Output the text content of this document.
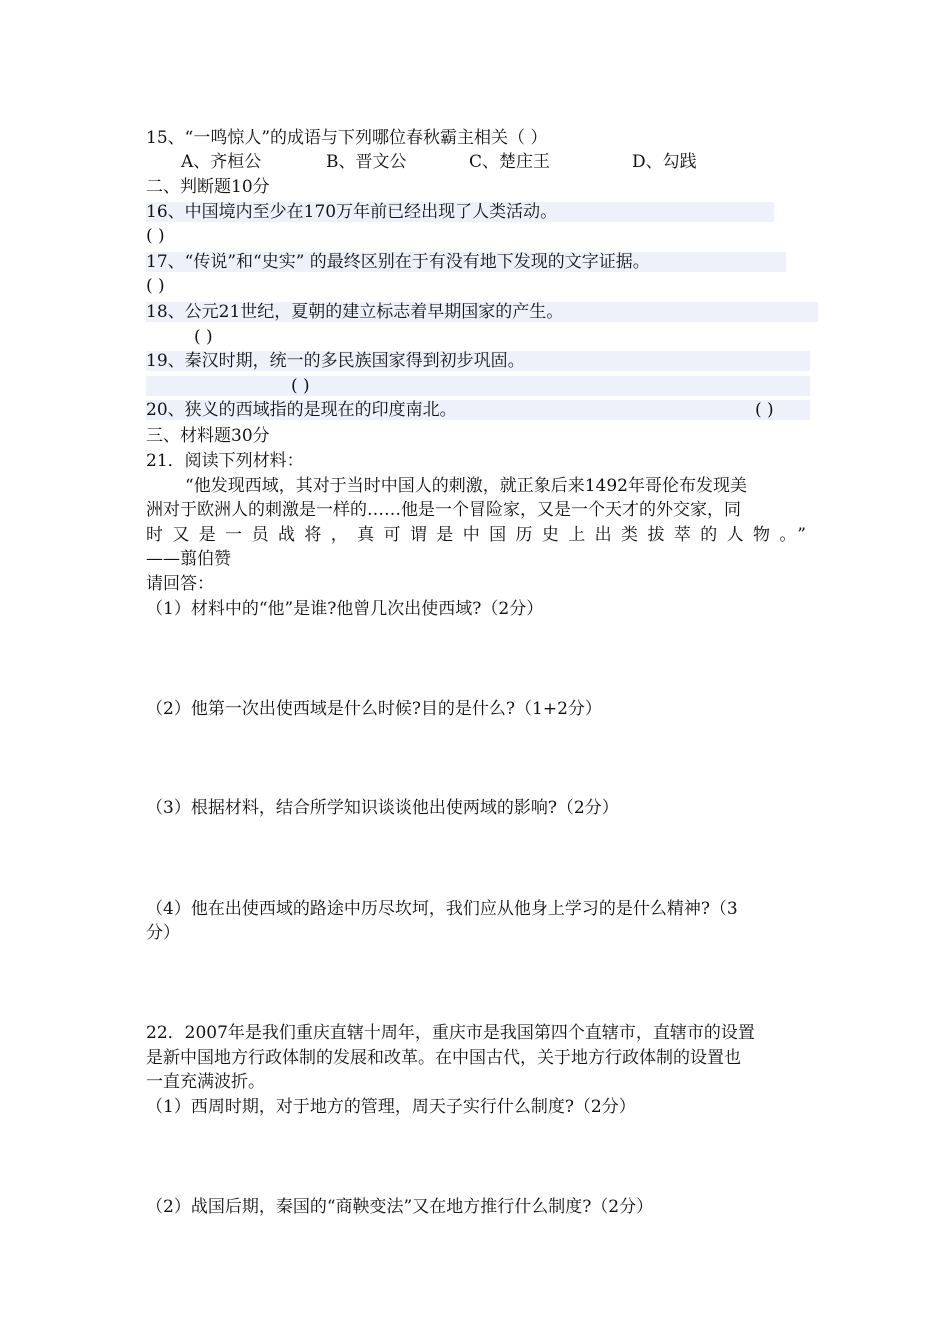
15、“一鸣惊人”的成语与下列哪位春秋霸主相关（ ）
A、齐桓公	B、晋文公	C、楚庄王	D、勾践
二、判断题10分
16、中国境内至少在170万年前已经出现了人类活动。
( )
17、“传说”和“史实” 的最终区别在于有没有地下发现的文字证据。
( )
18、公元21世纪，夏朝的建立标志着早期国家的产生。
( )
19、秦汉时期，统一的多民族国家得到初步巩固。
( )
20、狭义的西域指的是现在的印度南北。	( )
三、材料题30分
21．阅读下列材料：
“他发现西域，其对于当时中国人的刺激，就正象后来1492年哥伦布发现美
洲对于欧洲人的刺激是一样的……他是一个冒险家，又是一个天才的外交家，同
时又是一员战将，真可谓是中国历史上出类拔萃的人物。”
——翦伯赞
请回答：
（1）材料中的“他”是谁?他曾几次出使西域?（2分）
（2）他第一次出使西域是什么时候?目的是什么?（1+2分）
（3）根据材料，结合所学知识谈谈他出使两域的影响?（2分）
（4）他在出使西域的路途中历尽坎坷，我们应从他身上学习的是什么精神?（3
分）
22．2007年是我们重庆直辖十周年，重庆市是我国第四个直辖市，直辖市的设置
是新中国地方行政体制的发展和改革。在中国古代，关于地方行政体制的设置也
一直充满波折。
（1）西周时期，对于地方的管理，周天子实行什么制度?（2分）
（2）战国后期，秦国的“商鞅变法”又在地方推行什么制度?（2分）
